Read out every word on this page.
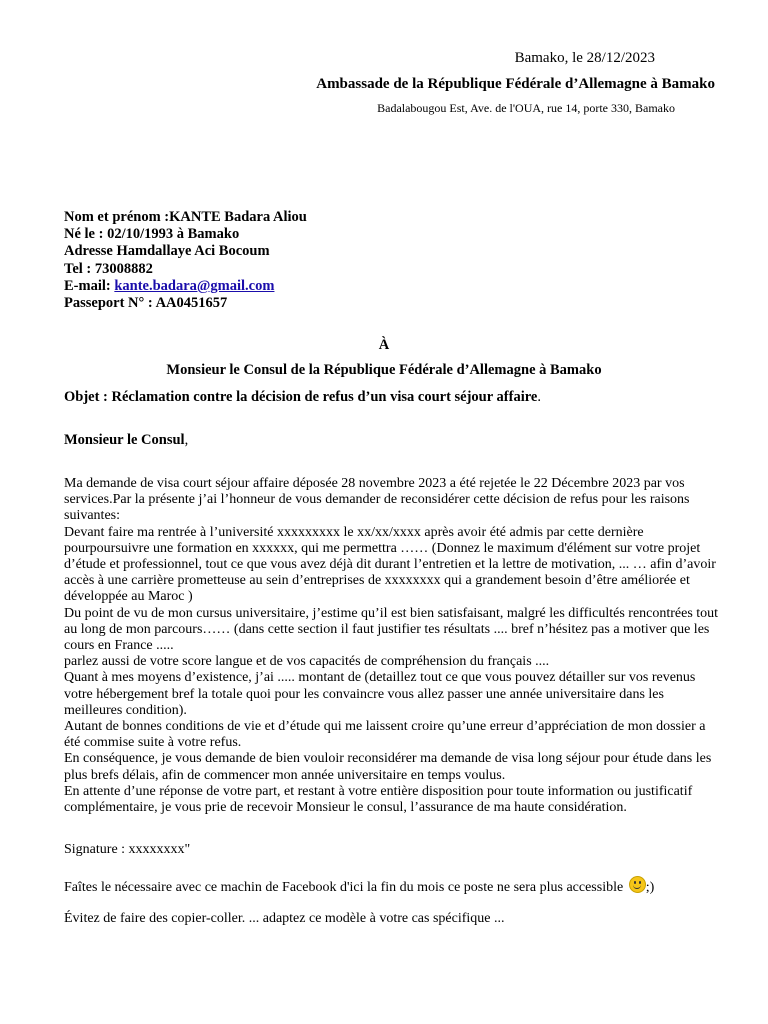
Bamako, le 28/12/2023
Ambassade de la République Fédérale d’Allemagne à Bamako
Badalabougou Est, Ave. de l'OUA, rue 14, porte 330, Bamako
Nom et prénom :KANTE Badara Aliou
Né le : 02/10/1993 à Bamako
Adresse Hamdallaye Aci Bocoum
Tel : 73008882
E-mail: kante.badara@gmail.com
Passeport N° : AA0451657
À
Monsieur le Consul de la République Fédérale d’Allemagne à Bamako
Objet : Réclamation contre la décision de refus d’un visa court séjour affaire.
Monsieur le Consul,

Ma demande de visa court séjour affaire déposée 28 novembre 2023 a été rejetée le 22 Décembre 2023 par vos services.Par la présente j’ai l’honneur de vous demander de reconsidérer cette décision de refus pour les raisons suivantes:

Devant faire ma rentrée à l’université xxxxxxxxx le xx/xx/xxxx après avoir été admis par cette dernière pourpoursuivre une formation en xxxxxx, qui me permettra …… (Donnez le maximum d'élément sur votre projet d’étude et professionnel, tout ce que vous avez déjà dit durant l’entretien et la lettre de motivation, ... … afin d’avoir accès à une carrière prometteuse au sein d’entreprises de xxxxxxxx qui a grandement besoin d’être améliorée et développée au Maroc )

Du point de vu de mon cursus universitaire, j’estime qu’il est bien satisfaisant, malgré les difficultés rencontrées tout au long de mon parcours…… (dans cette section il faut justifier tes résultats .... bref n’hésitez pas a motiver que les cours en France .....

parlez aussi de votre score langue et de vos capacités de compréhension du français ....

Quant à mes moyens d’existence, j’ai ..... montant de (detaillez tout ce que vous pouvez détailler sur vos revenus votre hébergement bref la totale quoi pour les convaincre vous allez passer une année universitaire dans les meilleures condition).

Autant de bonnes conditions de vie et d’étude qui me laissent croire qu’une erreur d’appréciation de mon dossier a été commise suite à votre refus.

En conséquence, je vous demande de bien vouloir reconsidérer ma demande de visa long séjour pour étude dans les plus brefs délais, afin de commencer mon année universitaire en temps voulus.

En attente d’une réponse de votre part, et restant à votre entière disposition pour toute information ou justificatif complémentaire, je vous prie de recevoir Monsieur le consul, l’assurance de ma haute considération.

Signature : xxxxxxxx"
Faîtes le nécessaire avec ce machin de Facebook d'ici la fin du mois ce poste ne sera plus accessible ;)
Évitez de faire des copier-coller. ... adaptez ce modèle à votre cas spécifique ...
